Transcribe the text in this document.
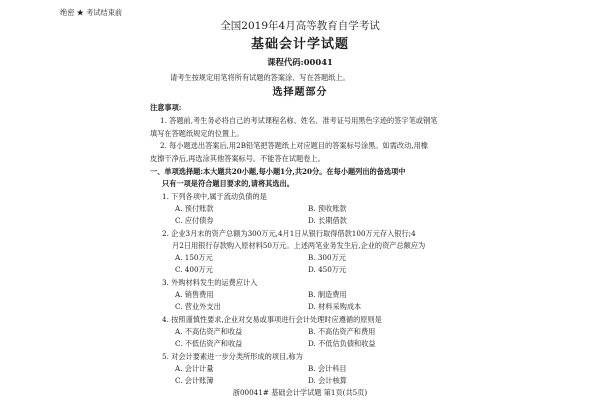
绝密 ★ 考试结束前
全国2019年4月高等教育自学考试
基础会计学试题
课程代码:00041
请考生按规定用笔将所有试题的答案涂、写在答题纸上。
选择题部分
注意事项:
1. 答题前,考生务必将自己的考试课程名称、姓名、准考证号用黑色字迹的签字笔或钢笔
填写在答题纸规定的位置上。
2. 每小题选出答案后,用2B铅笔把答题纸上对应题目的答案标号涂黑。如需改动,用橡
皮擦干净后,再选涂其他答案标号。不能答在试题卷上。
一、单项选择题:本大题共20小题,每小题1分,共20分。在每小题列出的备选项中
只有一项是符合题目要求的,请将其选出。
1. 下列各项中,属于流动负债的是
A. 预付账款	B. 预收账款
C. 应付债券	D. 长期借款
2. 企业3月末的资产总额为300万元,4月1日从银行取得借款100万元存入银行;4
月2日用银行存款购入原材料50万元。上述两笔业务发生后,企业的资产总额应为
A. 150万元	B. 300万元
C. 400万元	D. 450万元
3. 外购材料发生的运费应计入
A. 销售费用	B. 制造费用
C. 营业外支出	D. 材料采购成本
4. 按照谨慎性要求,企业对交易或事项进行会计处理时应遵循的原则是
A. 不高估资产和收益	B. 不高估资产和费用
C. 不低估资产和收益	D. 不低估负债和收益
5. 对会计要素进一步分类所形成的项目,称为
A. 会计计量	B. 会计科目
C. 会计账簿	D. 会计核算
浙00041# 基础会计学试题 第1页(共5页)
